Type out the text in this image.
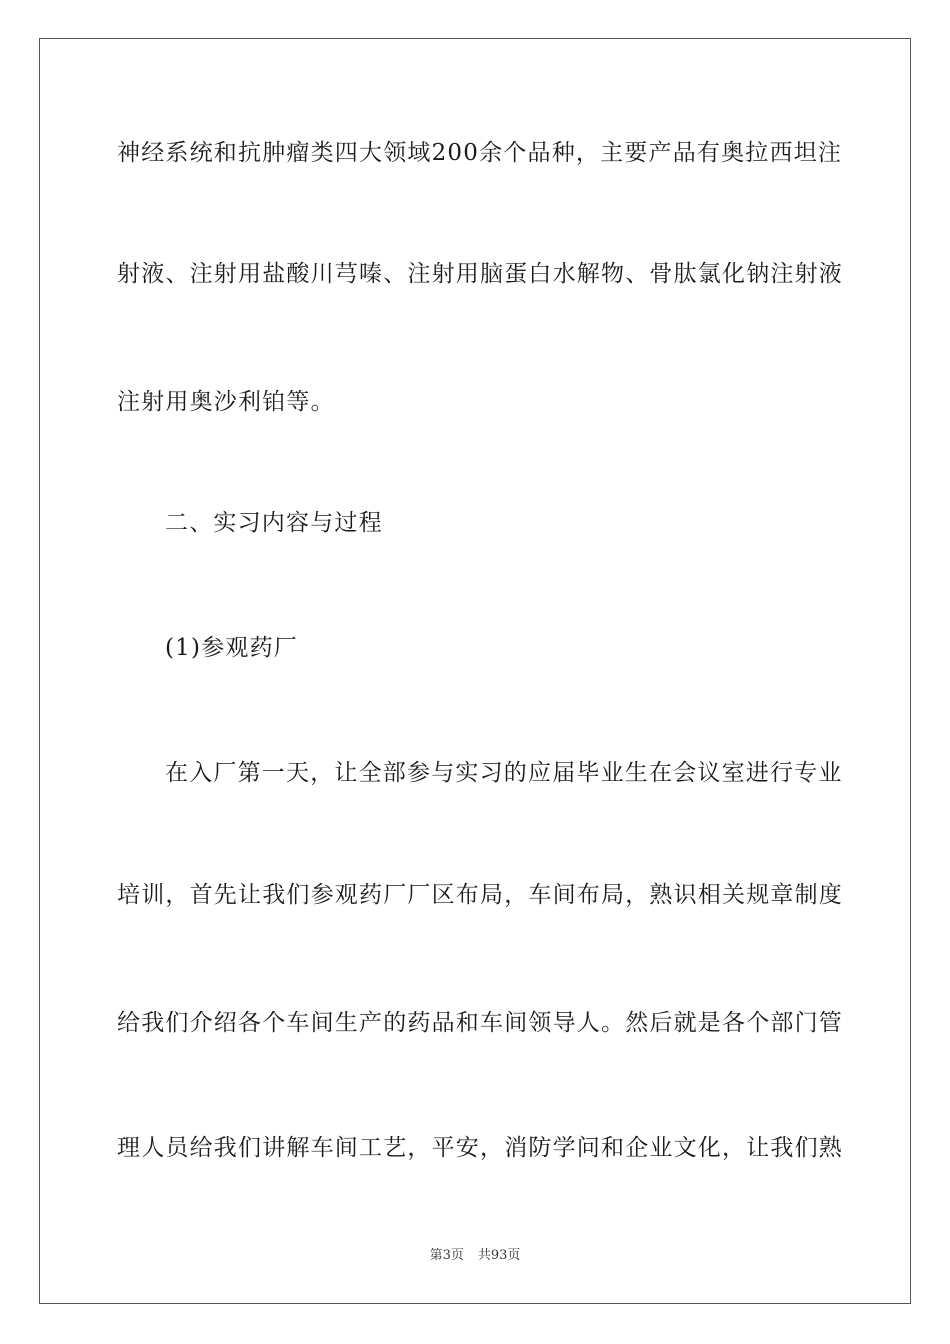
神经系统和抗肿瘤类四大领域200余个品种，主要产品有奥拉西坦注
射液、注射用盐酸川芎嗪、注射用脑蛋白水解物、骨肽氯化钠注射液
注射用奥沙利铂等。
二、实习内容与过程
(1)参观药厂
在入厂第一天，让全部参与实习的应届毕业生在会议室进行专业
培训，首先让我们参观药厂厂区布局，车间布局，熟识相关规章制度
给我们介绍各个车间生产的药品和车间领导人。然后就是各个部门管
理人员给我们讲解车间工艺，平安，消防学问和企业文化，让我们熟
第3页 共93页
